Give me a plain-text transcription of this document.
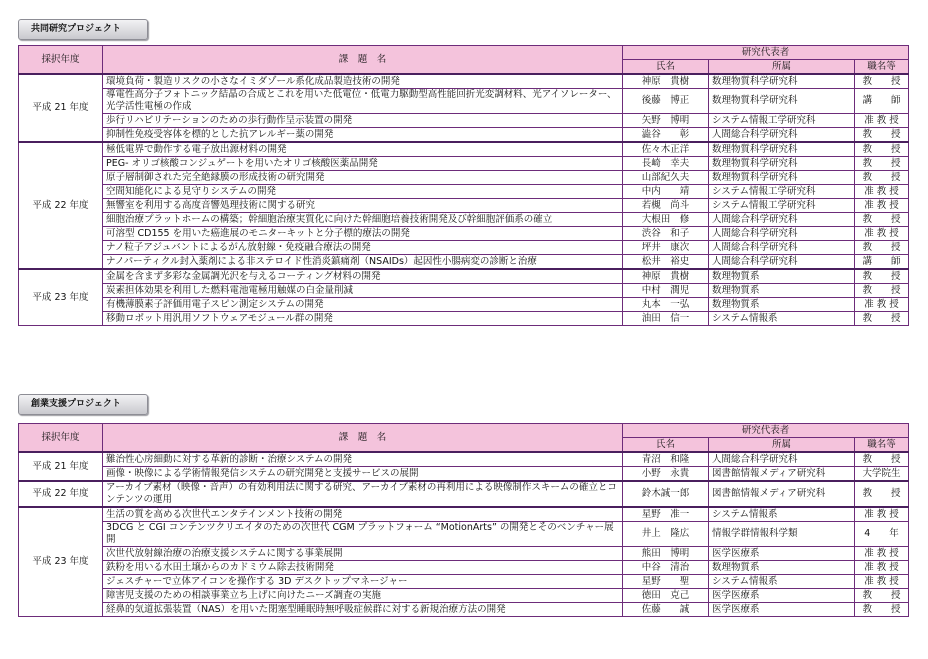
共同研究プロジェクト
採択年度	課　題　名	研究代表者		
		氏名	所属	職名等
平成 21 年度	環境負荷・製造リスクの小さなイミダゾール系化成品製造技術の開発	神原　貴樹	数理物質科学研究科	教　　授
	導電性高分子フォトニック結晶の合成とこれを用いた低電位・低電力駆動型高性能回折光変調材料、光アイソレーター、光学活性電極の作成	後藤　博正	数理物質科学研究科	講　　師
	歩行リハビリテーションのための歩行動作呈示装置の開発	矢野　博明	システム情報工学研究科	准 教 授
	抑制性免疫受容体を標的とした抗アレルギー薬の開発	澁谷　　彰	人間総合科学研究科	教　　授
平成 22 年度	極低電界で動作する電子放出源材料の開発	佐々木正洋	数理物質科学研究科	教　　授
	PEG- オリゴ核酸コンジュゲートを用いたオリゴ核酸医薬品開発	長崎　幸夫	数理物質科学研究科	教　　授
	原子層制御された完全絶縁膜の形成技術の研究開発	山部紀久夫	数理物質科学研究科	教　　授
	空間知能化による見守りシステムの開発	中内　　靖	システム情報工学研究科	准 教 授
	無響室を利用する高度音響処理技術に関する研究	若槻　尚斗	システム情報工学研究科	准 教 授
	細胞治療プラットホームの構築；幹細胞治療実質化に向けた幹細胞培養技術開発及び幹細胞評価系の確立	大根田　修	人間総合科学研究科	教　　授
	可溶型 CD155 を用いた癌進展のモニターキットと分子標的療法の開発	渋谷　和子	人間総合科学研究科	准 教 授
	ナノ粒子アジュバントによるがん放射線・免疫融合療法の開発	坪井　康次	人間総合科学研究科	教　　授
	ナノパーティクル封入薬剤による非ステロイド性消炎鎮痛剤（NSAIDs）起因性小腸病変の診断と治療	松井　裕史	人間総合科学研究科	講　　師
平成 23 年度	金属を含まず多彩な金属調光沢を与えるコーティング材料の開発	神原　貴樹	数理物質系	教　　授
	炭素担体効果を利用した燃料電池電極用触媒の白金量削減	中村　潤児	数理物質系	教　　授
	有機薄膜素子評価用電子スピン測定システムの開発	丸本　一弘	数理物質系	准 教 授
	移動ロボット用汎用ソフトウェアモジュール群の開発	油田　信一	システム情報系	教　　授
創業支援プロジェクト
採択年度	課　題　名	研究代表者		
		氏名	所属	職名等
平成 21 年度	難治性心房細動に対する革新的診断・治療システムの開発	青沼　和隆	人間総合科学研究科	教　　授
	画像・映像による学術情報発信システムの研究開発と支援サービスの展開	小野　永貴	図書館情報メディア研究科	大学院生
平成 22 年度	アーカイブ素材（映像・音声）の有効利用法に関する研究、アーカイブ素材の再利用による映像制作スキームの確立とコンテンツの運用	鈴木誠一郎	図書館情報メディア研究科	教　　授
平成 23 年度	生活の質を高める次世代エンタテインメント技術の開発	星野　准一	システム情報系	准 教 授
	3DCG と CGI コンテンツクリエイタのための次世代 CGM プラットフォーム “MotionArts” の開発とそのベンチャー展開	井上　隆広	情報学群情報科学類	4　　年
	次世代放射線治療の治療支援システムに関する事業展開	熊田　博明	医学医療系	准 教 授
	鉄粉を用いる水田土壌からのカドミウム除去技術開発	中谷　清治	数理物質系	准 教 授
	ジェスチャーで立体アイコンを操作する 3D デスクトップマネージャー	星野　　聖	システム情報系	准 教 授
	障害児支援のための相談事業立ち上げに向けたニーズ調査の実施	徳田　克己	医学医療系	教　　授
	経鼻的気道拡張装置（NAS）を用いた閉塞型睡眠時無呼吸症候群に対する新規治療方法の開発	佐藤　　誠	医学医療系	教　　授
